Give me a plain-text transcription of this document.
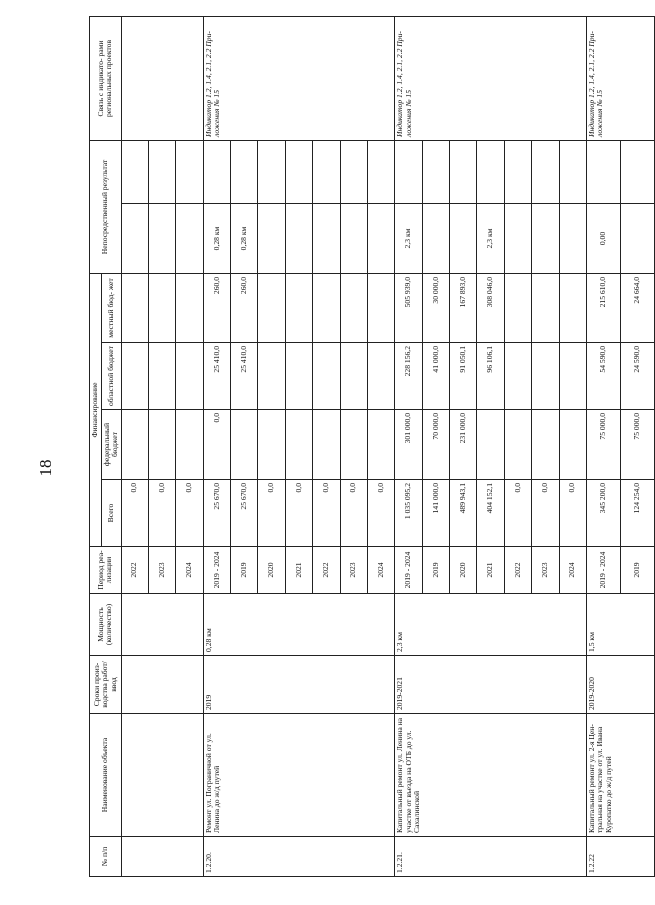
18
№ п/п	Наименование объекта	Сроки произ- водства работ/ ввод	Мощность (количество)	Период реа- лизации	Финансирование				Непосредственный результат		Связь с индикато- рами региональных проектов
					Всего	федеральный бюджет	областной бюджет	местный бюд- жет			

				2022	0,0						
				2023	0,0						
				2024	0,0						
1.2.20.	Ремонт ул. Пограничной от ул. Ленина до ж/д путей	2019	0,28 км	2019 - 2024	25 670,0	0,0	25 410,0	260,0	0,28 км		Индикатор 1.2, 1.4, 2.1, 2.2 При- ложения № 15
				2019	25 670,0		25 410,0	260,0	0,28 км		
				2020	0,0						
				2021	0,0						
				2022	0,0						
				2023	0,0						
				2024	0,0						
1.2.21.	Капитальный ремонт ул. Ленина на участке от въезда на ОТБ до ул. Сахалинской	2019-2021	2,3 км	2019 - 2024	1 035 095,2	301 000,0	228 156,2	505 939,0	2,3 км		Индикатор 1.2, 1.4, 2.1, 2.2 При- ложения № 15
				2019	141 000,0	70 000,0	41 000,0	30 000,0			
				2020	489 943,1	231 000,0	91 050,1	167 893,0			
				2021	404 152,1		96 106,1	308 046,0	2,3 км		
				2022	0,0						
				2023	0,0						
				2024	0,0						
1.2.22	Капитальный ремонт ул. 2-я Цен- тральная на участке от ул. Ивана Куропатко до ж/д путей	2019-2020	1,5 км	2019 - 2024	345 200,0	75 000,0	54 590,0	215 610,0	0,00		Индикатор 1.2, 1.4, 2.1, 2.2 При- ложения № 15
				2019	124 254,0	75 000,0	24 590,0	24 664,0			
